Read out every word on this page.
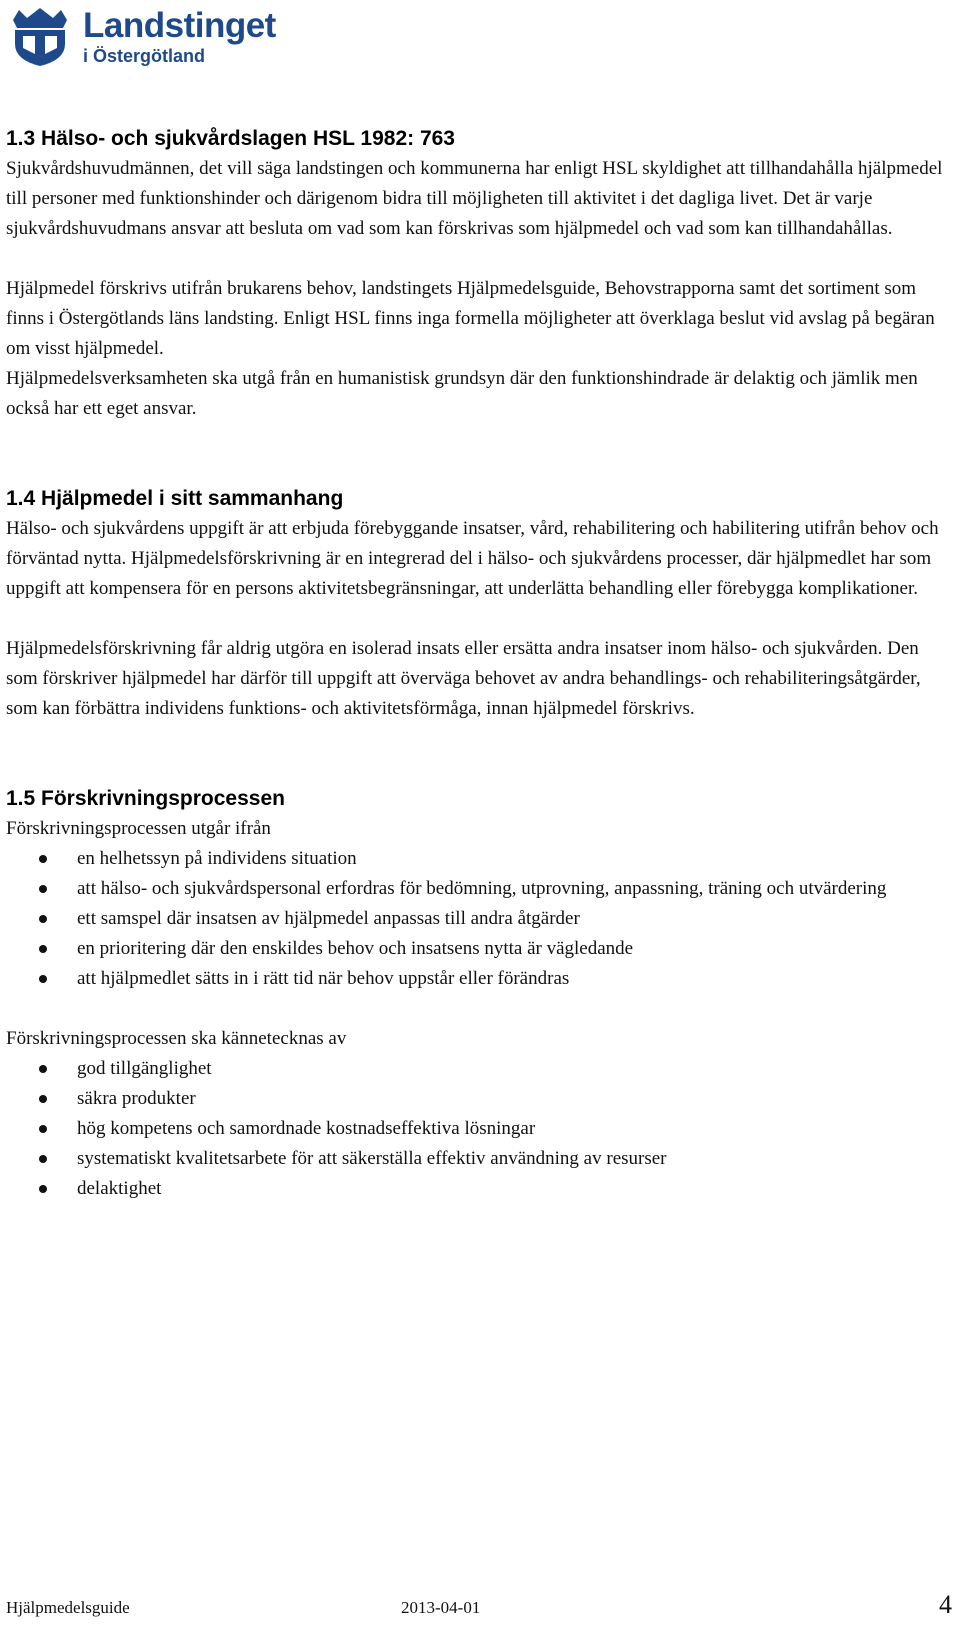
Landstinget
i Östergötland
1.3 Hälso- och sjukvårdslagen HSL 1982: 763

Sjukvårdshuvudmännen, det vill säga landstingen och kommunerna har enligt HSL skyldighet att tillhandahålla hjälpmedel till personer med funktionshinder och därigenom bidra till möjligheten till aktivitet i det dagliga livet. Det är varje sjukvårdshuvudmans ansvar att besluta om vad som kan förskrivas som hjälpmedel och vad som kan tillhandahållas.

Hjälpmedel förskrivs utifrån brukarens behov, landstingets Hjälpmedelsguide, Behovstrapporna samt det sortiment som finns i Östergötlands läns landsting. Enligt HSL finns inga formella möjligheter att överklaga beslut vid avslag på begäran om visst hjälpmedel.

Hjälpmedelsverksamheten ska utgå från en humanistisk grundsyn där den funktionshindrade är delaktig och jämlik men också har ett eget ansvar.

1.4 Hjälpmedel i sitt sammanhang

Hälso- och sjukvårdens uppgift är att erbjuda förebyggande insatser, vård, rehabilitering och habilitering utifrån behov och förväntad nytta. Hjälpmedelsförskrivning är en integrerad del i hälso- och sjukvårdens processer, där hjälpmedlet har som uppgift att kompensera för en persons aktivitetsbegränsningar, att underlätta behandling eller förebygga komplikationer.

Hjälpmedelsförskrivning får aldrig utgöra en isolerad insats eller ersätta andra insatser inom hälso- och sjukvården. Den som förskriver hjälpmedel har därför till uppgift att överväga behovet av andra behandlings- och rehabiliteringsåtgärder, som kan förbättra individens funktions- och aktivitetsförmåga, innan hjälpmedel förskrivs.

1.5 Förskrivningsprocessen

Förskrivningsprocessen utgår ifrån

en helhetssyn på individens situation
att hälso- och sjukvårdspersonal erfordras för bedömning, utprovning, anpassning, träning och utvärdering
ett samspel där insatsen av hjälpmedel anpassas till andra åtgärder
en prioritering där den enskildes behov och insatsens nytta är vägledande
att hjälpmedlet sätts in i rätt tid när behov uppstår eller förändras

Förskrivningsprocessen ska kännetecknas av

god tillgänglighet
säkra produkter
hög kompetens och samordnade kostnadseffektiva lösningar
systematiskt kvalitetsarbete för att säkerställa effektiv användning av resurser
delaktighet
Hjälpmedelsguide	2013-04-01	4
